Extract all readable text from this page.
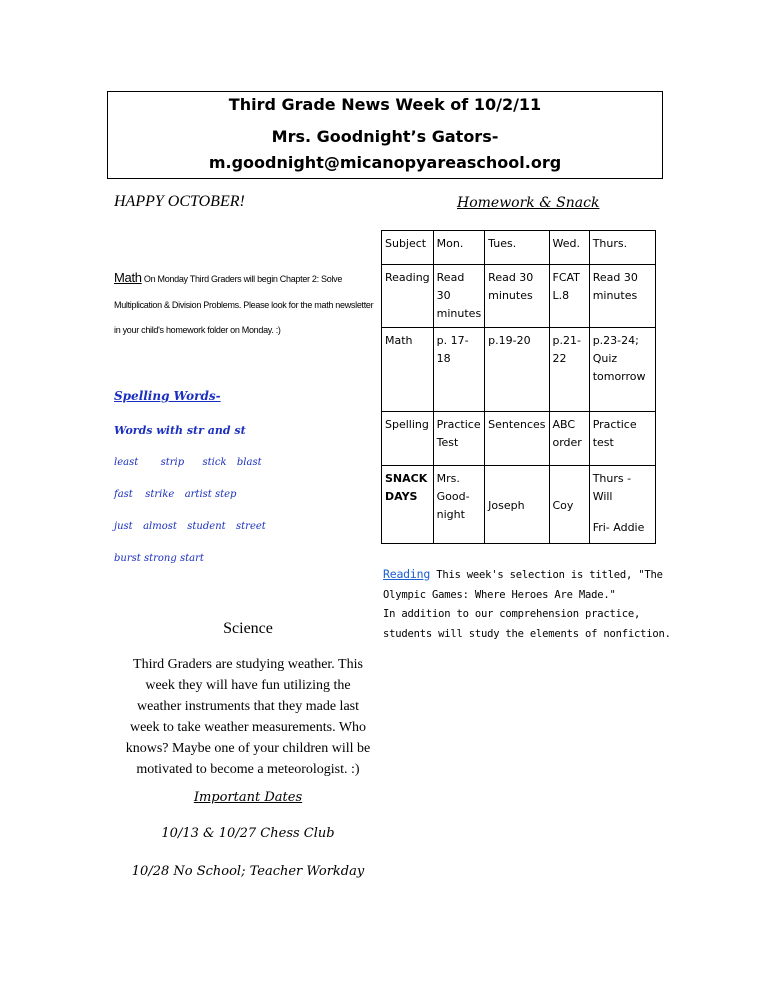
Third Grade News Week of 10/2/11
Mrs. Goodnight’s Gators-
m.goodnight@micanopyareaschool.org
HAPPY OCTOBER!	Homework & Snack
Math On Monday Third Graders will begin Chapter 2: Solve
Multiplication & Division Problems. Please look for the math newsletter
in your child's homework folder on Monday. :)
Spelling Words-
Words with str and st
least strip stick blast
fast strike artist step
just almost student street
burst strong start
Science
Third Graders are studying weather. This
week they will have fun utilizing the
weather instruments that they made last
week to take weather measurements. Who
knows? Maybe one of your children will be
motivated to become a meteorologist. :)
Important Dates
10/13 & 10/27 Chess Club
10/28 No School; Teacher Workday
Subject	Mon.	Tues.	Wed.	Thurs.
Reading	Read 30 minutes	Read 30 minutes	FCAT L.8	Read 30 minutes
Math	p. 17-18	p.19-20	p.21-22	p.23-24; Quiz tomorrow
Spelling	Practice Test	Sentences	ABC order	Practice test
SNACK DAYS	Mrs. Good-night	Joseph	Coy	Thurs - Will
Fri- Addie
Reading This week's selection is titled, "The
Olympic Games: Where Heroes Are Made."
In addition to our comprehension practice,
students will study the elements of nonfiction.
